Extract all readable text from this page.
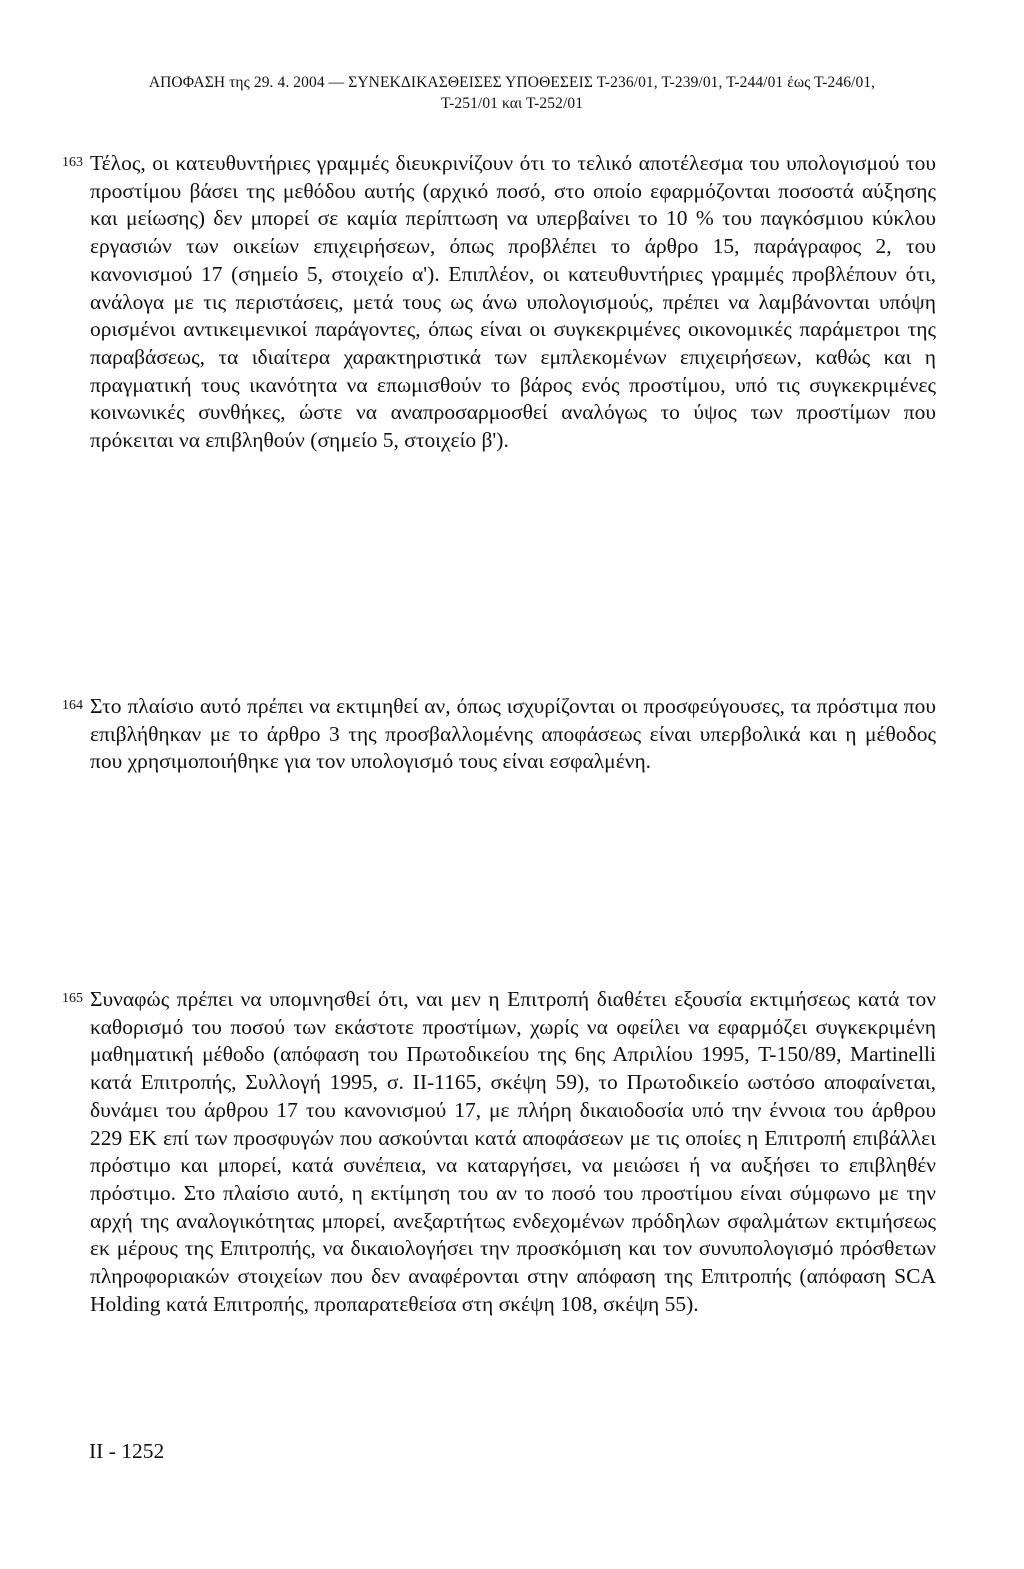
ΑΠΟΦΑΣΗ της 29. 4. 2004 — ΣΥΝΕΚΔΙΚΑΣΘΕΙΣΕΣ ΥΠΟΘΕΣΕΙΣ Τ-236/01, Τ-239/01, Τ-244/01 έως Τ-246/01,
Τ-251/01 και Τ-252/01
163 Τέλος, οι κατευθυντήριες γραμμές διευκρινίζουν ότι το τελικό αποτέλεσμα του υπολογισμού του προστίμου βάσει της μεθόδου αυτής (αρχικό ποσό, στο οποίο εφαρμόζονται ποσοστά αύξησης και μείωσης) δεν μπορεί σε καμία περίπτωση να υπερβαίνει το 10 % του παγκόσμιου κύκλου εργασιών των οικείων επιχειρήσεων, όπως προβλέπει το άρθρο 15, παράγραφος 2, του κανονισμού 17 (σημείο 5, στοιχείο α'). Επιπλέον, οι κατευθυντήριες γραμμές προβλέπουν ότι, ανάλογα με τις περιστάσεις, μετά τους ως άνω υπολογισμούς, πρέπει να λαμβάνονται υπόψη ορισμένοι αντικειμενικοί παράγοντες, όπως είναι οι συγκεκριμένες οικονομικές παράμετροι της παραβάσεως, τα ιδιαίτερα χαρακτηριστικά των εμπλεκομένων επιχειρήσεων, καθώς και η πραγματική τους ικανότητα να επωμισθούν το βάρος ενός προστίμου, υπό τις συγκεκριμένες κοινωνικές συνθήκες, ώστε να αναπροσαρμοσθεί αναλόγως το ύψος των προστίμων που πρόκειται να επιβληθούν (σημείο 5, στοιχείο β').
164 Στο πλαίσιο αυτό πρέπει να εκτιμηθεί αν, όπως ισχυρίζονται οι προσφεύγουσες, τα πρόστιμα που επιβλήθηκαν με το άρθρο 3 της προσβαλλομένης αποφάσεως είναι υπερβολικά και η μέθοδος που χρησιμοποιήθηκε για τον υπολογισμό τους είναι εσφαλμένη.
165 Συναφώς πρέπει να υπομνησθεί ότι, ναι μεν η Επιτροπή διαθέτει εξουσία εκτιμήσεως κατά τον καθορισμό του ποσού των εκάστοτε προστίμων, χωρίς να οφείλει να εφαρμόζει συγκεκριμένη μαθηματική μέθοδο (απόφαση του Πρωτοδικείου της 6ης Απριλίου 1995, T-150/89, Martinelli κατά Επιτροπής, Συλλογή 1995, σ. II-1165, σκέψη 59), το Πρωτοδικείο ωστόσο αποφαίνεται, δυνάμει του άρθρου 17 του κανονισμού 17, με πλήρη δικαιοδοσία υπό την έννοια του άρθρου 229 ΕΚ επί των προσφυγών που ασκούνται κατά αποφάσεων με τις οποίες η Επιτροπή επιβάλλει πρόστιμο και μπορεί, κατά συνέπεια, να καταργήσει, να μειώσει ή να αυξήσει το επιβληθέν πρόστιμο. Στο πλαίσιο αυτό, η εκτίμηση του αν το ποσό του προστίμου είναι σύμφωνο με την αρχή της αναλογικότητας μπορεί, ανεξαρτήτως ενδεχομένων πρόδηλων σφαλμάτων εκτιμήσεως εκ μέρους της Επιτροπής, να δικαιολογήσει την προσκόμιση και τον συνυπολογισμό πρόσθετων πληροφοριακών στοιχείων που δεν αναφέρονται στην απόφαση της Επιτροπής (απόφαση SCA Holding κατά Επιτροπής, προπαρατεθείσα στη σκέψη 108, σκέψη 55).
II - 1252
